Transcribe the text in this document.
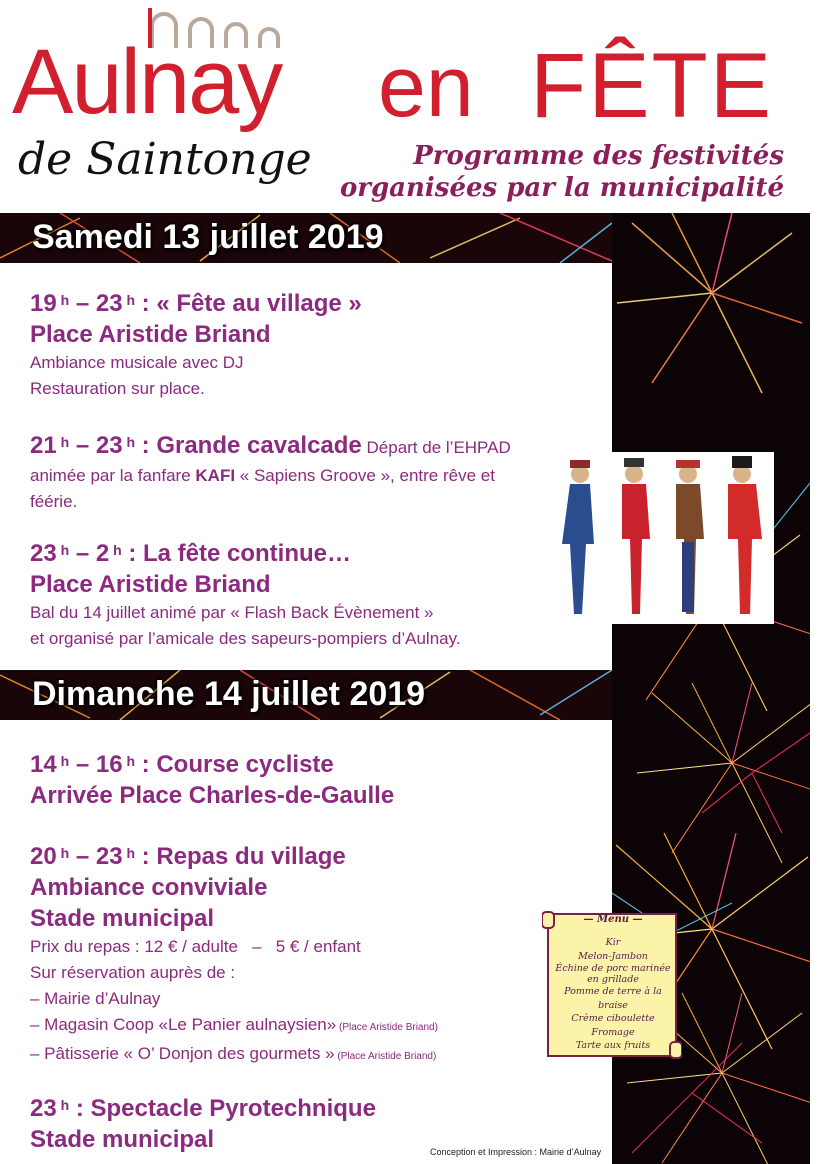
Aulnay
de Saintonge
en FÊTE
Programme des festivités
organisées par la municipalité
Samedi 13 juillet 2019
19 $^h$ – 23 $^h$ : « Fête au village »
Place Aristide Briand
Ambiance musicale avec DJ
Restauration sur place.
21 $^h$ – 23 $^h$ : Grande cavalcade Départ de l’EHPAD
animée par la fanfare KAFI « Sapiens Groove », entre rêve et
féérie.
23 $^h$ – 2 $^h$ : La fête continue…
Place Aristide Briand
Bal du 14 juillet animé par « Flash Back Évènement »
et organisé par l’amicale des sapeurs-pompiers d’Aulnay.
Dimanche 14 juillet 2019
14 $^h$ – 16 $^h$ : Course cycliste
Arrivée Place Charles-de-Gaulle
20 $^h$ – 23 $^h$ : Repas du village
Ambiance conviviale
Stade municipal
Prix du repas : 12 € / adulte   –   5 € / enfant
Sur réservation auprès de :
– Mairie d’Aulnay
– Magasin Coop «Le Panier aulnaysien» (Place Aristide Briand)
– Pâtisserie « O’ Donjon des gourmets » (Place Aristide Briand)
23 $^h$ : Spectacle Pyrotechnique
Stade municipal
— Menu —
Kir
Melon-Jambon
Échine de porc marinée
en grillade
Pomme de terre à la braise
Crème ciboulette
Fromage
Tarte aux fruits
Conception et Impression : Mairie d’Aulnay
